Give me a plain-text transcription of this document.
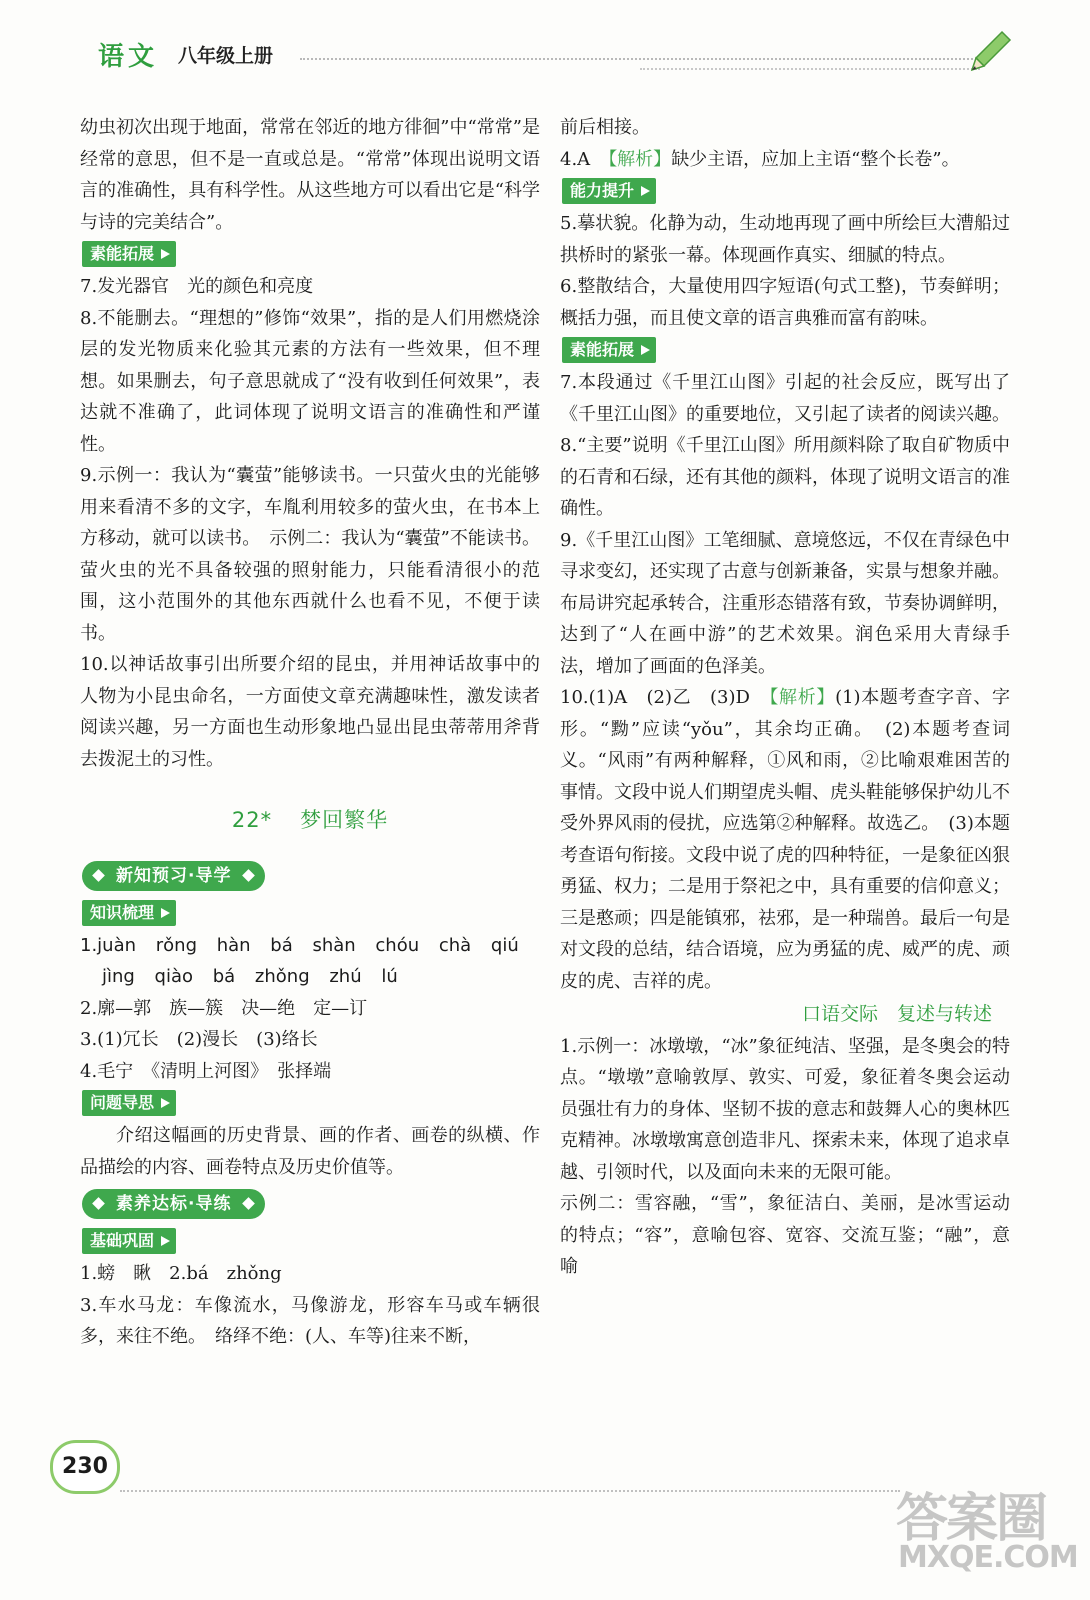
语文 八年级上册

幼虫初次出现于地面，常常在邻近的地方徘徊”中“常常”是经常的意思，但不是一直或总是。“常常”体现出说明文语言的准确性，具有科学性。从这些地方可以看出它是“科学与诗的完美结合”。

素能拓展

7.发光器官　光的颜色和亮度

8.不能删去。“理想的”修饰“效果”，指的是人们用燃烧涂层的发光物质来化验其元素的方法有一些效果，但不理想。如果删去，句子意思就成了“没有收到任何效果”，表达就不准确了，此词体现了说明文语言的准确性和严谨性。

9.示例一：我认为“囊萤”能够读书。一只萤火虫的光能够用来看清不多的文字，车胤利用较多的萤火虫，在书本上方移动，就可以读书。　示例二：我认为“囊萤”不能读书。萤火虫的光不具备较强的照射能力，只能看清很小的范围，这小范围外的其他东西就什么也看不见，不便于读书。

10.以神话故事引出所要介绍的昆虫，并用神话故事中的人物为小昆虫命名，一方面使文章充满趣味性，激发读者阅读兴趣，另一方面也生动形象地凸显出昆虫蒂蒂用斧背去拨泥土的习性。

22* 梦回繁华
新知预习·导学

知识梳理

1.juàn rǒng hàn bá shàn chóu chà qiú

jìng qiào bá zhǒng zhú lú

2.廓—郭　族—簇　决—绝　定—订

3.(1)冗长　(2)漫长　(3)络长

4.毛宁　《清明上河图》　张择端

问题导思

介绍这幅画的历史背景、画的作者、画卷的纵横、作品描绘的内容、画卷特点及历史价值等。

素养达标·导练

基础巩固

1.螃　瞅　2.bá　zhǒng

3.车水马龙：车像流水，马像游龙，形容车马或车辆很多，来往不绝。　络绎不绝：(人、车等)往来不断，

前后相接。

4.A　【解析】缺少主语，应加上主语“整个长卷”。

能力提升

5.摹状貌。化静为动，生动地再现了画中所绘巨大漕船过拱桥时的紧张一幕。体现画作真实、细腻的特点。

6.整散结合，大量使用四字短语(句式工整)，节奏鲜明；概括力强，而且使文章的语言典雅而富有韵味。

素能拓展

7.本段通过《千里江山图》引起的社会反应，既写出了《千里江山图》的重要地位，又引起了读者的阅读兴趣。

8.“主要”说明《千里江山图》所用颜料除了取自矿物质中的石青和石绿，还有其他的颜料，体现了说明文语言的准确性。

9.《千里江山图》工笔细腻、意境悠远，不仅在青绿色中寻求变幻，还实现了古意与创新兼备，实景与想象并融。布局讲究起承转合，注重形态错落有致，节奏协调鲜明，达到了“人在画中游”的艺术效果。润色采用大青绿手法，增加了画面的色泽美。

10.(1)A　(2)乙　(3)D　【解析】(1)本题考查字音、字形。“黝”应读“yǒu”，其余均正确。　(2)本题考查词义。“风雨”有两种解释，①风和雨，②比喻艰难困苦的事情。文段中说人们期望虎头帽、虎头鞋能够保护幼儿不受外界风雨的侵扰，应选第②种解释。故选乙。　(3)本题考查语句衔接。文段中说了虎的四种特征，一是象征凶狠勇猛、权力；二是用于祭祀之中，具有重要的信仰意义；三是憨顽；四是能镇邪，祛邪，是一种瑞兽。最后一句是对文段的总结，结合语境，应为勇猛的虎、威严的虎、顽皮的虎、吉祥的虎。

口语交际　复述与转述

1.示例一：冰墩墩，“冰”象征纯洁、坚强，是冬奥会的特点。“墩墩”意喻敦厚、敦实、可爱，象征着冬奥会运动员强壮有力的身体、坚韧不拔的意志和鼓舞人心的奥林匹克精神。冰墩墩寓意创造非凡、探索未来，体现了追求卓越、引领时代，以及面向未来的无限可能。

示例二：雪容融，“雪”，象征洁白、美丽，是冰雪运动的特点；“容”，意喻包容、宽容、交流互鉴；“融”，意喻

230
答案圈
MXQE.COM
